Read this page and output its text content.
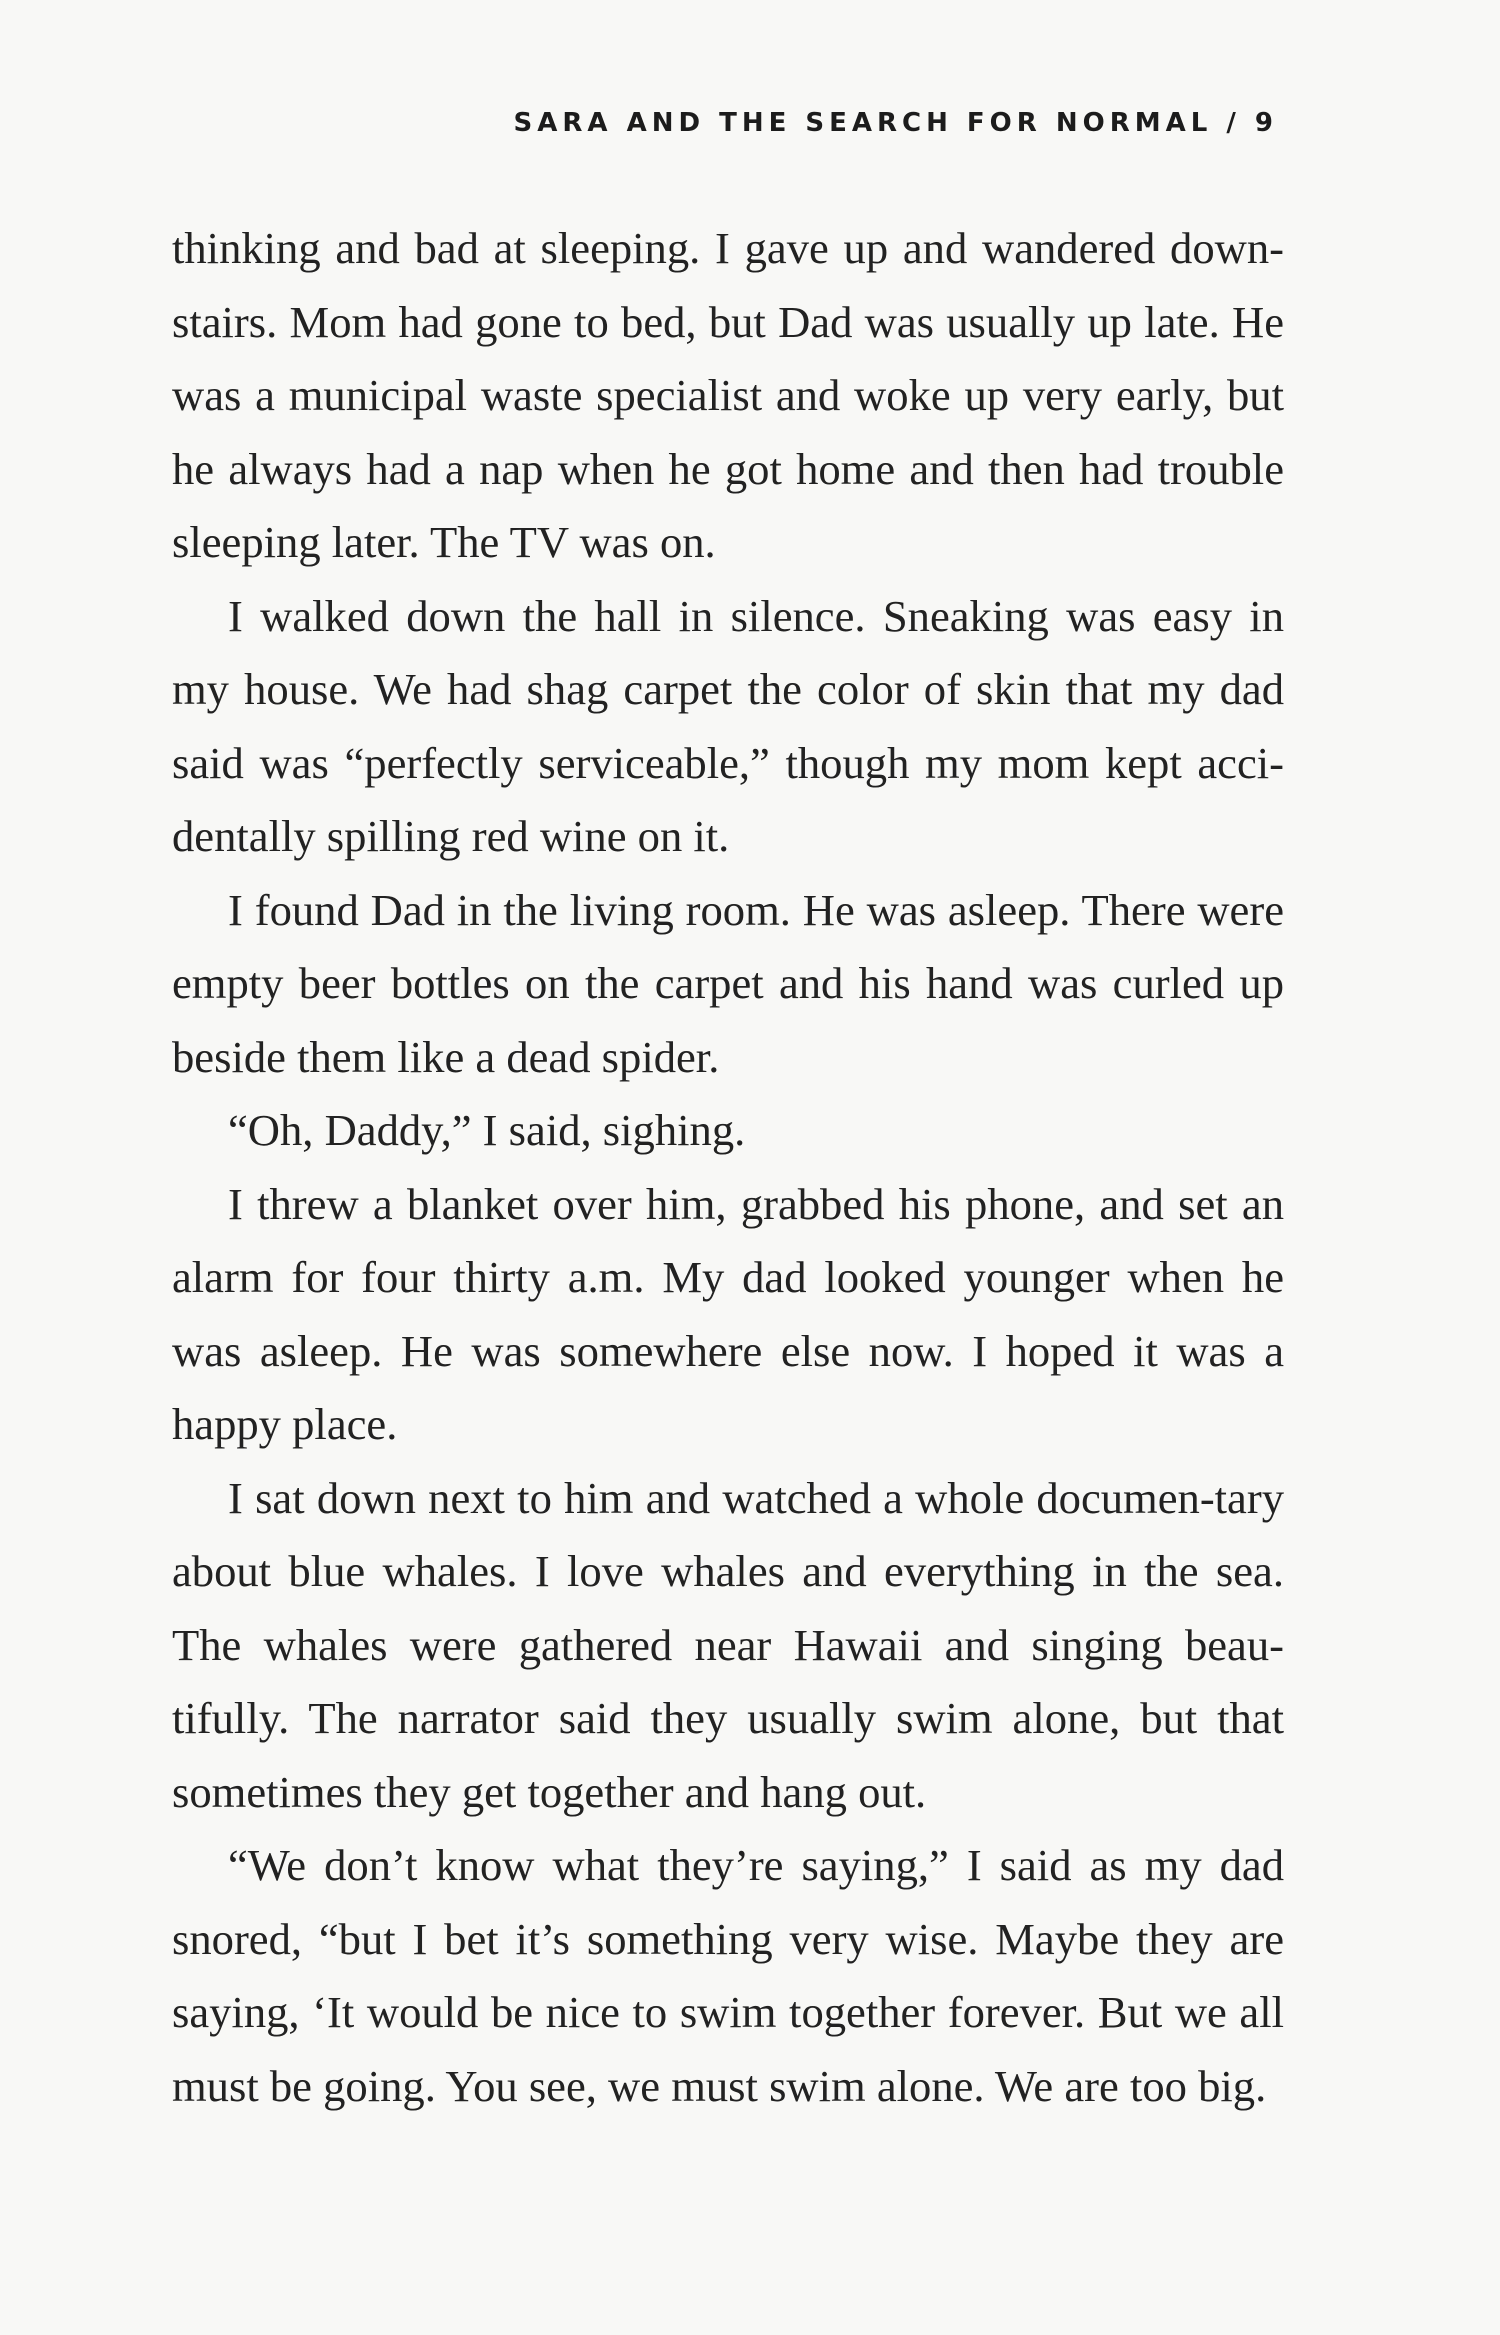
SARA AND THE SEARCH FOR NORMAL / 9

thinking and bad at sleeping. I gave up and wandered down-stairs. Mom had gone to bed, but Dad was usually up late. He was a municipal waste specialist and woke up very early, but he always had a nap when he got home and then had trouble sleeping later. The TV was on.

I walked down the hall in silence. Sneaking was easy in my house. We had shag carpet the color of skin that my dad said was “perfectly serviceable,” though my mom kept acci-dentally spilling red wine on it.

I found Dad in the living room. He was asleep. There were empty beer bottles on the carpet and his hand was curled up beside them like a dead spider.

“Oh, Daddy,” I said, sighing.

I threw a blanket over him, grabbed his phone, and set an alarm for four thirty a.m. My dad looked younger when he was asleep. He was somewhere else now. I hoped it was a happy place.

I sat down next to him and watched a whole documen-tary about blue whales. I love whales and everything in the sea. The whales were gathered near Hawaii and singing beau-tifully. The narrator said they usually swim alone, but that sometimes they get together and hang out.

“We don’t know what they’re saying,” I said as my dad snored, “but I bet it’s something very wise. Maybe they are saying, ‘It would be nice to swim together forever. But we all must be going. You see, we must swim alone. We are too big.
